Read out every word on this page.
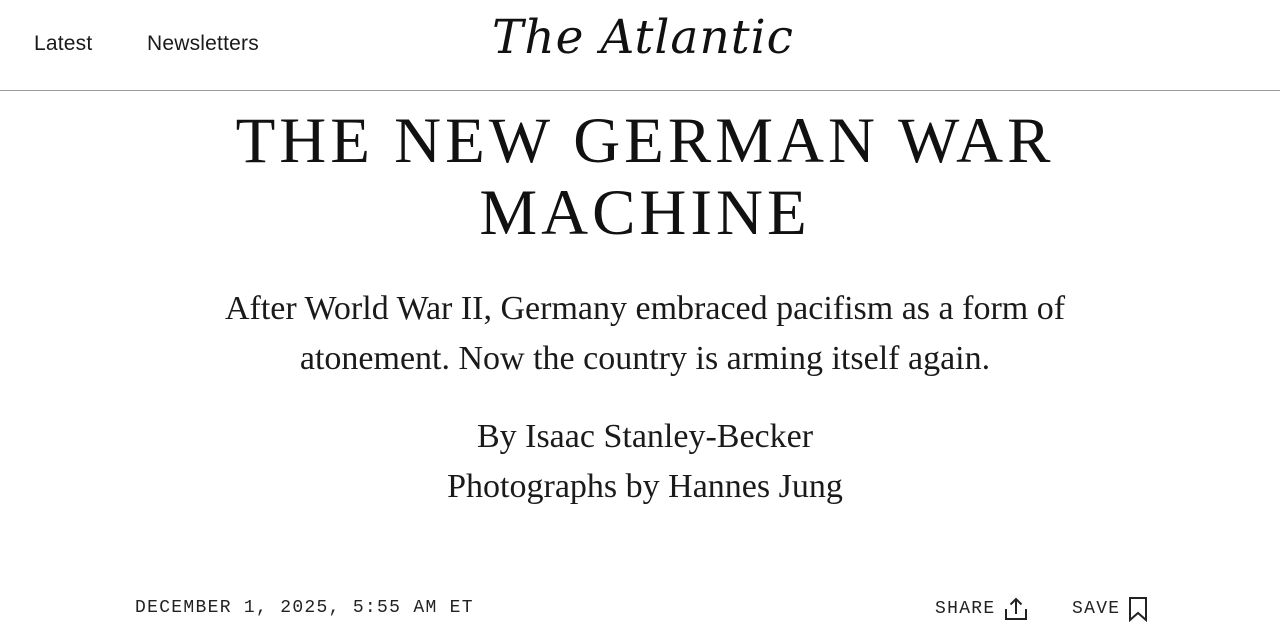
Latest	Newsletters	The Atlantic
THE NEW GERMAN WAR
MACHINE

After World War II, Germany embraced pacifism as a form of atonement. Now the country is arming itself again.

By Isaac Stanley-Becker
Photographs by Hannes Jung
DECEMBER 1, 2025, 5:55 AM ET	SHARE	SAVE
